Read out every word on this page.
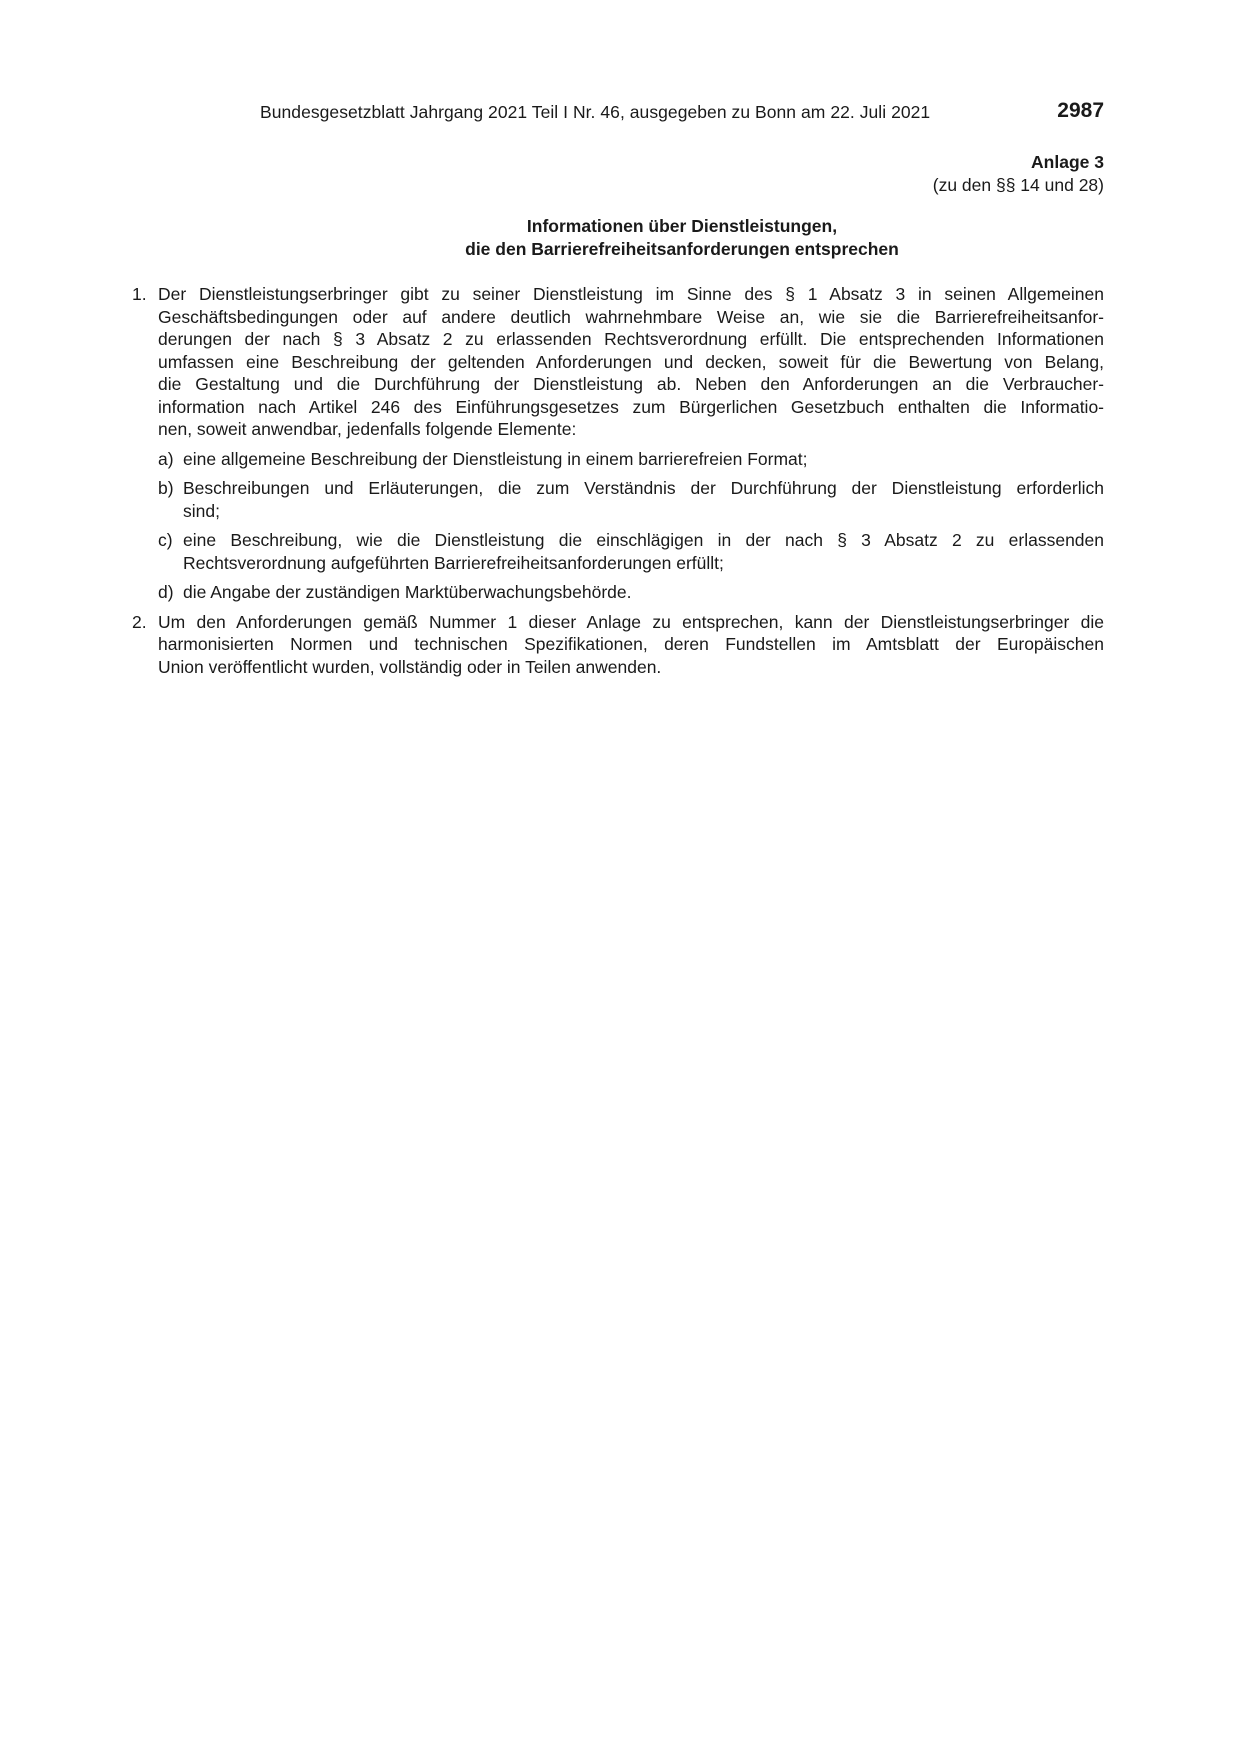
Bundesgesetzblatt Jahrgang 2021 Teil I Nr. 46, ausgegeben zu Bonn am 22. Juli 2021	2987
Anlage 3
(zu den §§ 14 und 28)
Informationen über Dienstleistungen,
die den Barrierefreiheitsanforderungen entsprechen
1. Der Dienstleistungserbringer gibt zu seiner Dienstleistung im Sinne des § 1 Absatz 3 in seinen Allgemeinen
Geschäftsbedingungen oder auf andere deutlich wahrnehmbare Weise an, wie sie die Barrierefreiheitsanfor-
derungen der nach § 3 Absatz 2 zu erlassenden Rechtsverordnung erfüllt. Die entsprechenden Informationen
umfassen eine Beschreibung der geltenden Anforderungen und decken, soweit für die Bewertung von Belang,
die Gestaltung und die Durchführung der Dienstleistung ab. Neben den Anforderungen an die Verbraucher-
information nach Artikel 246 des Einführungsgesetzes zum Bürgerlichen Gesetzbuch enthalten die Informatio-
nen, soweit anwendbar, jedenfalls folgende Elemente:
a) eine allgemeine Beschreibung der Dienstleistung in einem barrierefreien Format;
b) Beschreibungen und Erläuterungen, die zum Verständnis der Durchführung der Dienstleistung erforderlich
sind;
c) eine Beschreibung, wie die Dienstleistung die einschlägigen in der nach § 3 Absatz 2 zu erlassenden
Rechtsverordnung aufgeführten Barrierefreiheitsanforderungen erfüllt;
d) die Angabe der zuständigen Marktüberwachungsbehörde.
2. Um den Anforderungen gemäß Nummer 1 dieser Anlage zu entsprechen, kann der Dienstleistungserbringer die
harmonisierten Normen und technischen Spezifikationen, deren Fundstellen im Amtsblatt der Europäischen
Union veröffentlicht wurden, vollständig oder in Teilen anwenden.
